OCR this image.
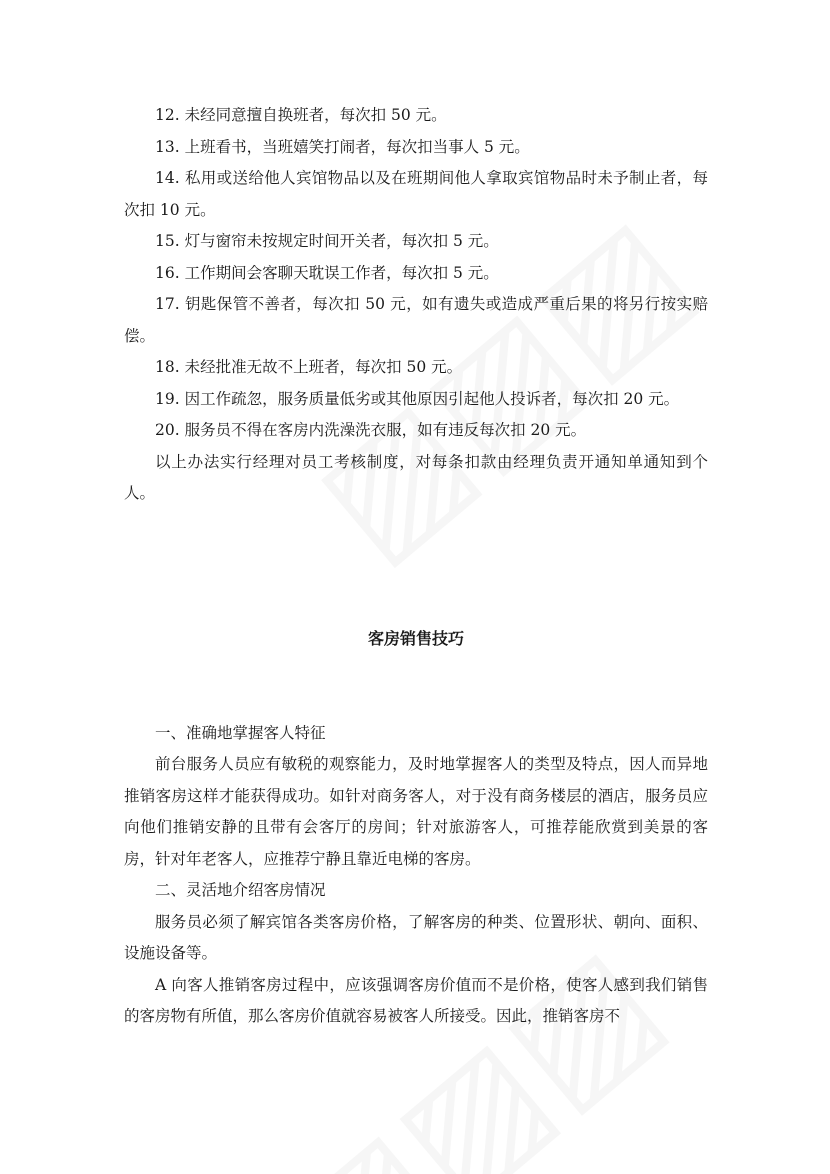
12. 未经同意擅自换班者，每次扣 50 元。

13. 上班看书，当班嬉笑打闹者，每次扣当事人 5 元。

14. 私用或送给他人宾馆物品以及在班期间他人拿取宾馆物品时未予制止者，每次扣 10 元。

15. 灯与窗帘未按规定时间开关者，每次扣 5 元。

16. 工作期间会客聊天耽误工作者，每次扣 5 元。

17. 钥匙保管不善者，每次扣 50 元，如有遗失或造成严重后果的将另行按实赔偿。

18. 未经批准无故不上班者，每次扣 50 元。

19. 因工作疏忽，服务质量低劣或其他原因引起他人投诉者，每次扣 20 元。

20. 服务员不得在客房内洗澡洗衣服，如有违反每次扣 20 元。

以上办法实行经理对员工考核制度，对每条扣款由经理负责开通知单通知到个人。

客房销售技巧

一、准确地掌握客人特征

前台服务人员应有敏税的观察能力，及时地掌握客人的类型及特点，因人而异地推销客房这样才能获得成功。如针对商务客人，对于没有商务楼层的酒店，服务员应向他们推销安静的且带有会客厅的房间；针对旅游客人，可推荐能欣赏到美景的客房，针对年老客人，应推荐宁静且靠近电梯的客房。

二、灵活地介绍客房情况

服务员必须了解宾馆各类客房价格，了解客房的种类、位置形状、朝向、面积、设施设备等。

A 向客人推销客房过程中，应该强调客房价值而不是价格，使客人感到我们销售的客房物有所值，那么客房价值就容易被客人所接受。因此，推销客房不
